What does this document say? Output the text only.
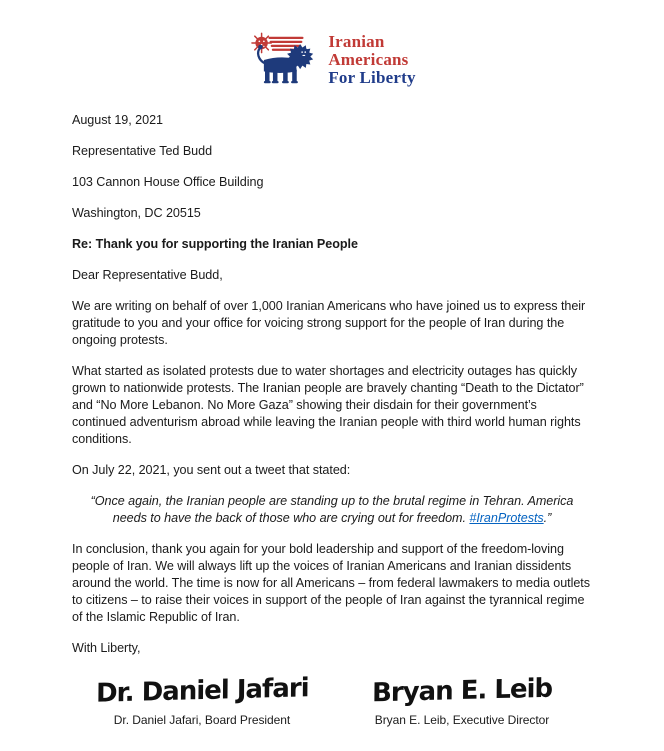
Iranian
Americans
For Liberty

August 19, 2021

Representative Ted Budd

103 Cannon House Office Building

Washington, DC 20515

Re: Thank you for supporting the Iranian People

Dear Representative Budd,

We are writing on behalf of over 1,000 Iranian Americans who have joined us to express their gratitude to you and your office for voicing strong support for the people of Iran during the ongoing protests.

What started as isolated protests due to water shortages and electricity outages has quickly grown to nationwide protests. The Iranian people are bravely chanting “Death to the Dictator” and “No More Lebanon. No More Gaza” showing their disdain for their government’s continued adventurism abroad while leaving the Iranian people with third world human rights conditions.

On July 22, 2021, you sent out a tweet that stated:

“Once again, the Iranian people are standing up to the brutal regime in Tehran. America needs to have the back of those who are crying out for freedom. #IranProtests.”

In conclusion, thank you again for your bold leadership and support of the freedom-loving people of Iran. We will always lift up the voices of Iranian Americans and Iranian dissidents around the world. The time is now for all Americans – from federal lawmakers to media outlets to citizens – to raise their voices in support of the people of Iran against the tyrannical regime of the Islamic Republic of Iran.

With Liberty,

Dr. Daniel Jafari
Dr. Daniel Jafari, Board President
Bryan E. Leib
Bryan E. Leib, Executive Director
